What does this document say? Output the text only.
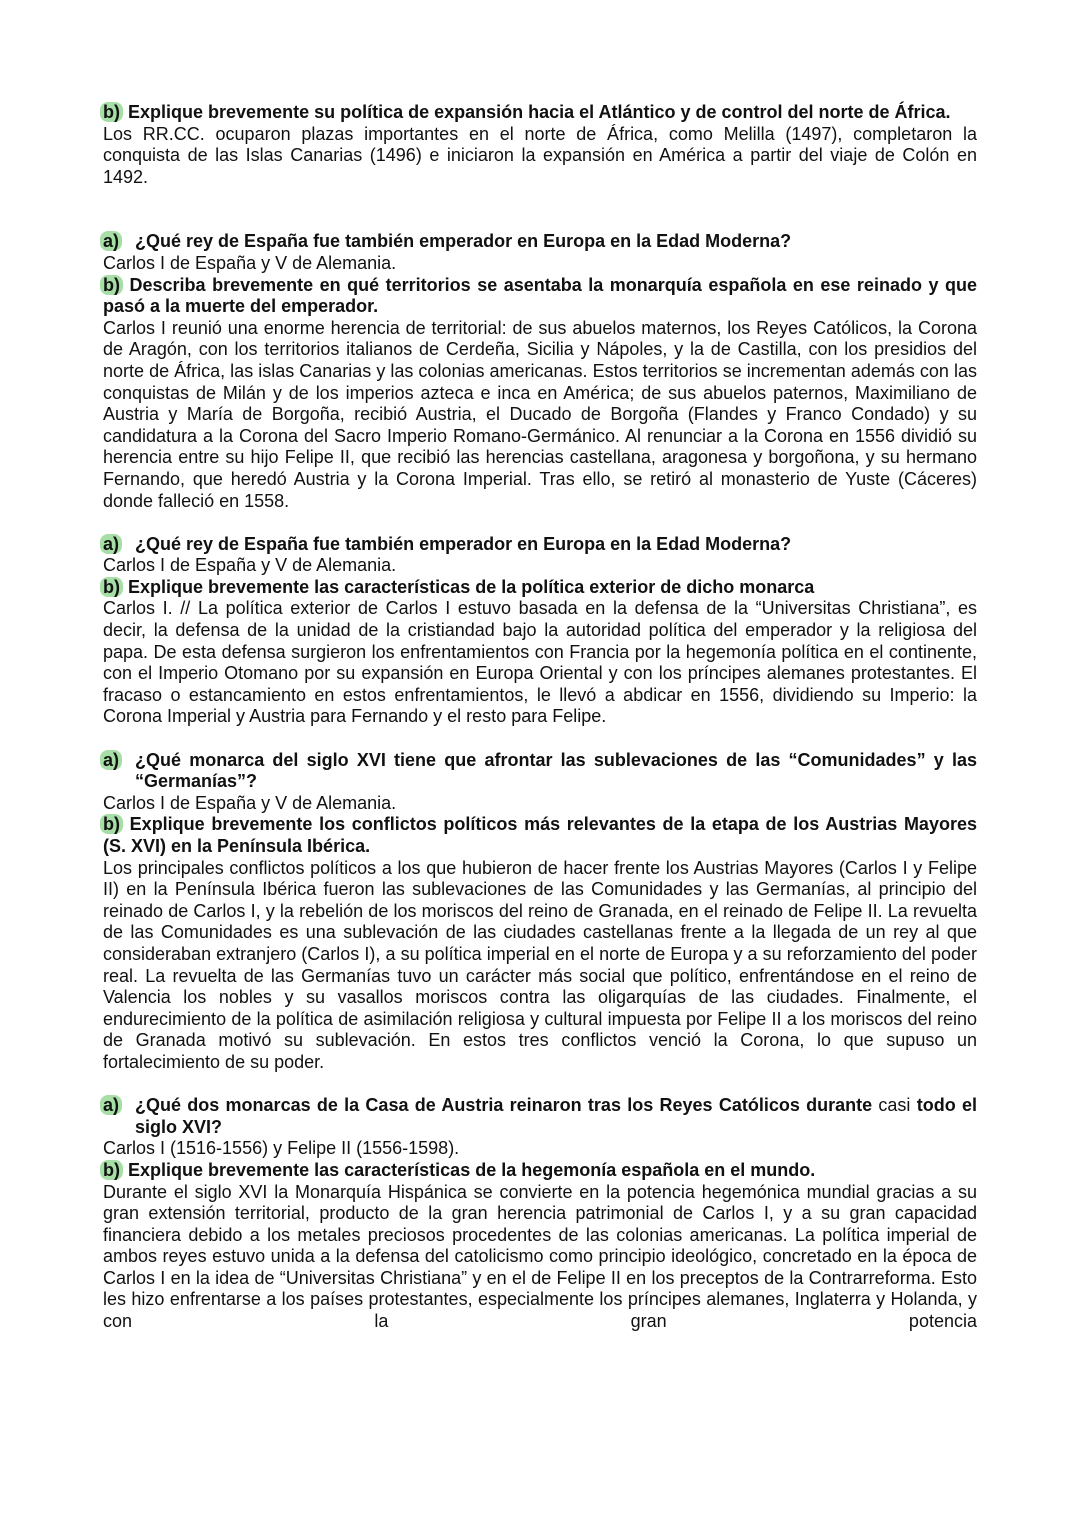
b) Explique brevemente su política de expansión hacia el Atlántico y de control del norte de África.

Los RR.CC. ocuparon plazas importantes en el norte de África, como Melilla (1497), completaron la conquista de las Islas Canarias (1496) e iniciaron la expansión en América a partir del viaje de Colón en 1492.

a) ¿Qué rey de España fue también emperador en Europa en la Edad Moderna?

Carlos I de España y V de Alemania.

b) Describa brevemente en qué territorios se asentaba la monarquía española en ese reinado y que pasó a la muerte del emperador.

Carlos I reunió una enorme herencia de territorial: de sus abuelos maternos, los Reyes Católicos, la Corona de Aragón, con los territorios italianos de Cerdeña, Sicilia y Nápoles, y la de Castilla, con los presidios del norte de África, las islas Canarias y las colonias americanas. Estos territorios se incrementan además con las conquistas de Milán y de los imperios azteca e inca en América; de sus abuelos paternos, Maximiliano de Austria y María de Borgoña, recibió Austria, el Ducado de Borgoña (Flandes y Franco Condado) y su candidatura a la Corona del Sacro Imperio Romano-Germánico. Al renunciar a la Corona en 1556 dividió su herencia entre su hijo Felipe II, que recibió las herencias castellana, aragonesa y borgoñona, y su hermano Fernando, que heredó Austria y la Corona Imperial. Tras ello, se retiró al monasterio de Yuste (Cáceres) donde falleció en 1558.

a) ¿Qué rey de España fue también emperador en Europa en la Edad Moderna?

Carlos I de España y V de Alemania.

b) Explique brevemente las características de la política exterior de dicho monarca

Carlos I. // La política exterior de Carlos I estuvo basada en la defensa de la “Universitas Christiana”, es decir, la defensa de la unidad de la cristiandad bajo la autoridad política del emperador y la religiosa del papa. De esta defensa surgieron los enfrentamientos con Francia por la hegemonía política en el continente, con el Imperio Otomano por su expansión en Europa Oriental y con los príncipes alemanes protestantes. El fracaso o estancamiento en estos enfrentamientos, le llevó a abdicar en 1556, dividiendo su Imperio: la Corona Imperial y Austria para Fernando y el resto para Felipe.

a) ¿Qué monarca del siglo XVI tiene que afrontar las sublevaciones de las “Comunidades” y las “Germanías”?

Carlos I de España y V de Alemania.

b) Explique brevemente los conflictos políticos más relevantes de la etapa de los Austrias Mayores (S. XVI) en la Península Ibérica.

Los principales conflictos políticos a los que hubieron de hacer frente los Austrias Mayores (Carlos I y Felipe II) en la Península Ibérica fueron las sublevaciones de las Comunidades y las Germanías, al principio del reinado de Carlos I, y la rebelión de los moriscos del reino de Granada, en el reinado de Felipe II. La revuelta de las Comunidades es una sublevación de las ciudades castellanas frente a la llegada de un rey al que consideraban extranjero (Carlos I), a su política imperial en el norte de Europa y a su reforzamiento del poder real. La revuelta de las Germanías tuvo un carácter más social que político, enfrentándose en el reino de Valencia los nobles y su vasallos moriscos contra las oligarquías de las ciudades. Finalmente, el endurecimiento de la política de asimilación religiosa y cultural impuesta por Felipe II a los moriscos del reino de Granada motivó su sublevación. En estos tres conflictos venció la Corona, lo que supuso un fortalecimiento de su poder.

a) ¿Qué dos monarcas de la Casa de Austria reinaron tras los Reyes Católicos durante casi todo el siglo XVI?

Carlos I (1516-1556) y Felipe II (1556-1598).

b) Explique brevemente las características de la hegemonía española en el mundo.

Durante el siglo XVI la Monarquía Hispánica se convierte en la potencia hegemónica mundial gracias a su gran extensión territorial, producto de la gran herencia patrimonial de Carlos I, y a su gran capacidad financiera debido a los metales preciosos procedentes de las colonias americanas. La política imperial de ambos reyes estuvo unida a la defensa del catolicismo como principio ideológico, concretado en la época de Carlos I en la idea de “Universitas Christiana” y en el de Felipe II en los preceptos de la Contrarreforma. Esto les hizo enfrentarse a los países protestantes, especialmente los príncipes alemanes, Inglaterra y Holanda, y con la gran potencia
